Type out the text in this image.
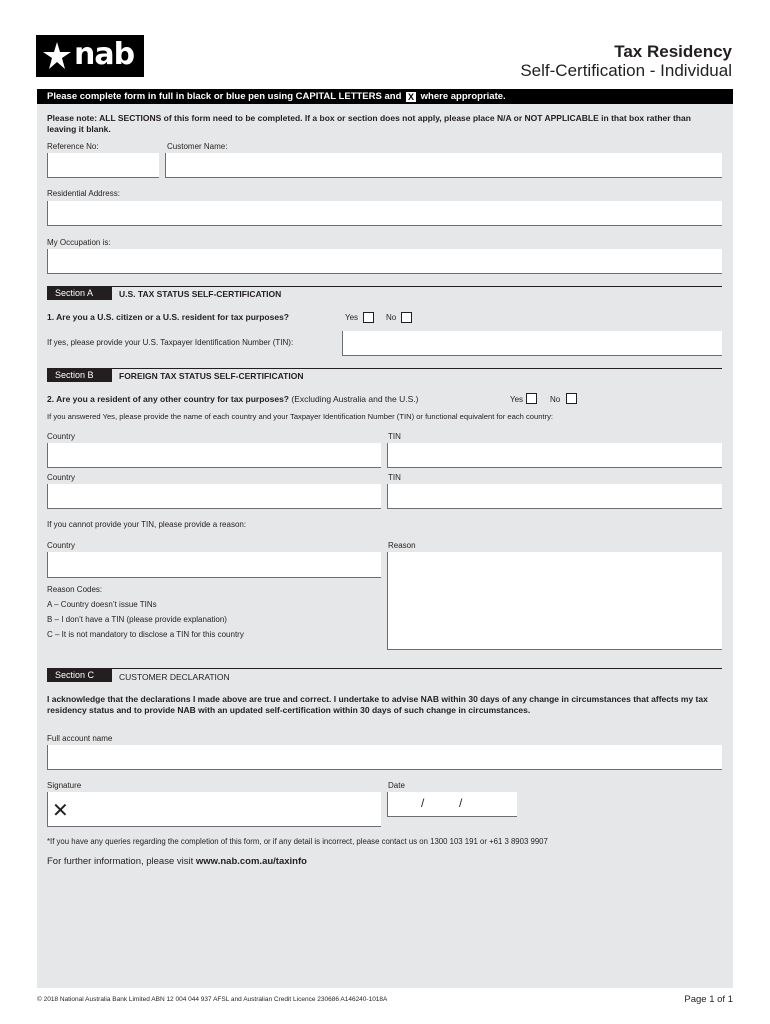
nab	Tax Residency
Self-Certification - Individual
Please complete form in full in black or blue pen using CAPITAL LETTERS and X where appropriate.
Please note: ALL SECTIONS of this form need to be completed. If a box or section does not apply, please place N/A or NOT APPLICABLE in that box rather than leaving it blank.
Reference No:	Customer Name:
Residential Address:
My Occupation is:
Section A	U.S. TAX STATUS SELF-CERTIFICATION
1. Are you a U.S. citizen or a U.S. resident for tax purposes?	Yes	No
If yes, please provide your U.S. Taxpayer Identification Number (TIN):
Section B	FOREIGN TAX STATUS SELF-CERTIFICATION
2. Are you a resident of any other country for tax purposes? (Excluding Australia and the U.S.)	Yes	No
If you answered Yes, please provide the name of each country and your Taxpayer Identification Number (TIN) or functional equivalent for each country:
Country	TIN
Country	TIN
If you cannot provide your TIN, please provide a reason:
Country	Reason
Reason Codes:
A – Country doesn’t issue TINs
B – I don’t have a TIN (please provide explanation)
C – It is not mandatory to disclose a TIN for this country
Section C	CUSTOMER DECLARATION
I acknowledge that the declarations I made above are true and correct. I undertake to advise NAB within 30 days of any change in circumstances that affects my tax residency status and to provide NAB with an updated self-certification within 30 days of such change in circumstances.
Full account name
Signature	Date
✕	/	/
*If you have any queries regarding the completion of this form, or if any detail is incorrect, please contact us on 1300 103 191 or +61 3 8903 9907
For further information, please visit www.nab.com.au/taxinfo
© 2018 National Australia Bank Limited ABN 12 004 044 937 AFSL and Australian Credit Licence 230686 A146240-1018A	Page 1 of 1
